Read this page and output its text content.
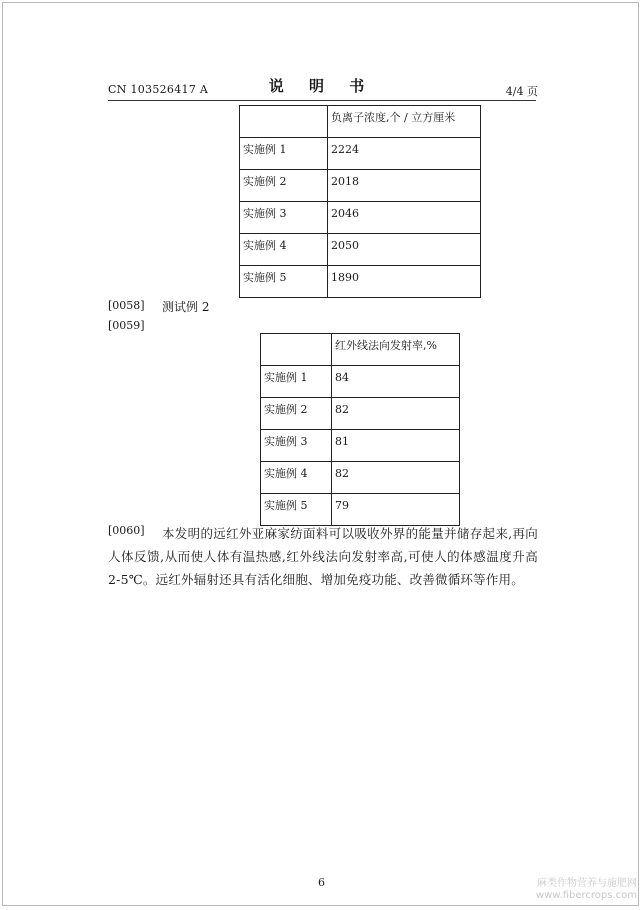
CN 103526417 A	说 明 书	4/4 页
	负离子浓度,个 / 立方厘米
实施例 1	2224
实施例 2	2018
实施例 3	2046
实施例 4	2050
实施例 5	1890
[0058] 测试例 2
[0059]
	红外线法向发射率,%
实施例 1	84
实施例 2	82
实施例 3	81
实施例 4	82
实施例 5	79
[0060]	本发明的远红外亚麻家纺面料可以吸收外界的能量并储存起来,再向人体反馈,从而使人体有温热感,红外线法向发射率高,可使人的体感温度升高 2-5℃。远红外辐射还具有活化细胞、增加免疫功能、改善微循环等作用。
6	麻类作物营养与施肥网
www.fibercrops.com
